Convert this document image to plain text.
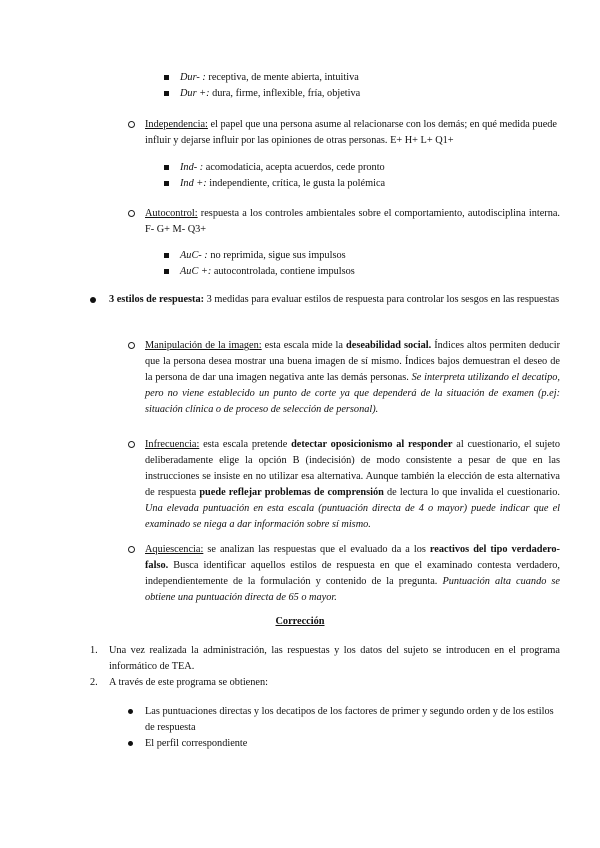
Dur- : receptiva, de mente abierta, intuitiva
Dur +: dura, firme, inflexible, fría, objetiva
Independencia: el papel que una persona asume al relacionarse con los demás; en qué medida puede influir y dejarse influir por las opiniones de otras personas. E+ H+ L+ Q1+
Ind- : acomodaticia, acepta acuerdos, cede pronto
Ind +: independiente, crítica, le gusta la polémica
Autocontrol: respuesta a los controles ambientales sobre el comportamiento, autodisciplina interna. F- G+ M- Q3+
AuC- : no reprimida, sigue sus impulsos
AuC +: autocontrolada, contiene impulsos
3 estilos de respuesta: 3 medidas para evaluar estilos de respuesta para controlar los sesgos en las respuestas
Manipulación de la imagen: esta escala mide la deseabilidad social. Índices altos permiten deducir que la persona desea mostrar una buena imagen de sí mismo. Índices bajos demuestran el deseo de la persona de dar una imagen negativa ante las demás personas. Se interpreta utilizando el decatipo, pero no viene establecido un punto de corte ya que dependerá de la situación de examen (p.ej: situación clínica o de proceso de selección de personal).
Infrecuencia: esta escala pretende detectar oposicionismo al responder al cuestionario, el sujeto deliberadamente elige la opción B (indecisión) de modo consistente a pesar de que en las instrucciones se insiste en no utilizar esa alternativa. Aunque también la elección de esta alternativa de respuesta puede reflejar problemas de comprensión de lectura lo que invalida el cuestionario. Una elevada puntuación en esta escala (puntuación directa de 4 o mayor) puede indicar que el examinado se niega a dar información sobre sí mismo.
Aquiescencia: se analizan las respuestas que el evaluado da a los reactivos del tipo verdadero-falso. Busca identificar aquellos estilos de respuesta en que el examinado contesta verdadero, independientemente de la formulación y contenido de la pregunta. Puntuación alta cuando se obtiene una puntuación directa de 65 o mayor.
Corrección
1. Una vez realizada la administración, las respuestas y los datos del sujeto se introducen en el programa informático de TEA.
2. A través de este programa se obtienen:
Las puntuaciones directas y los decatipos de los factores de primer y segundo orden y de los estilos de respuesta
El perfil correspondiente
